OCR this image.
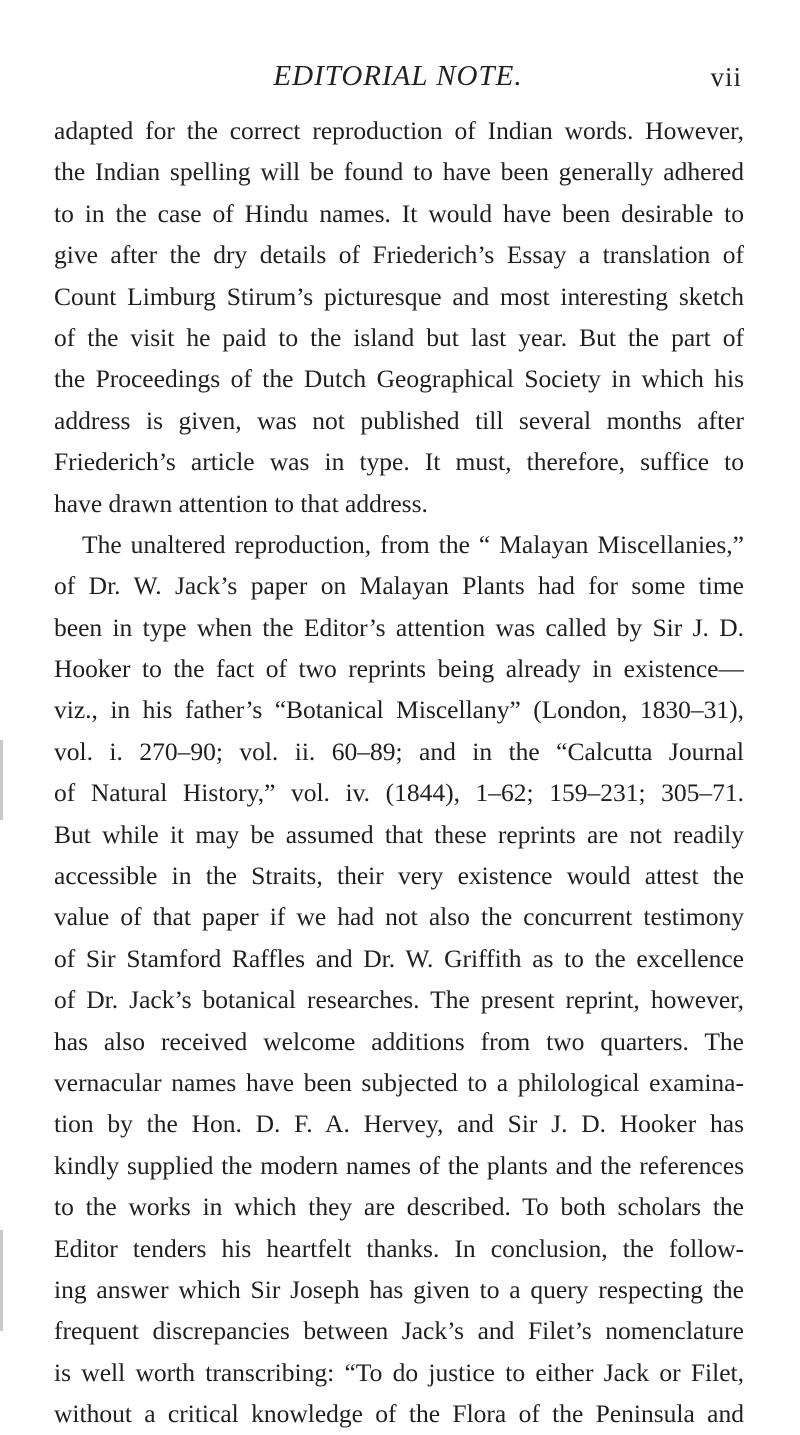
EDITORIAL NOTE.	vii
adapted for the correct reproduction of Indian words. However,
the Indian spelling will be found to have been generally adhered
to in the case of Hindu names. It would have been desirable to
give after the dry details of Friederich’s Essay a translation of
Count Limburg Stirum’s picturesque and most interesting sketch
of the visit he paid to the island but last year. But the part of
the Proceedings of the Dutch Geographical Society in which his
address is given, was not published till several months after
Friederich’s article was in type. It must, therefore, suffice to
have drawn attention to that address.
The unaltered reproduction, from the “ Malayan Miscellanies,”
of Dr. W. Jack’s paper on Malayan Plants had for some time
been in type when the Editor’s attention was called by Sir J. D.
Hooker to the fact of two reprints being already in existence—
viz., in his father’s “Botanical Miscellany” (London, 1830–31),
vol. i. 270–90; vol. ii. 60–89; and in the “Calcutta Journal
of Natural History,” vol. iv. (1844), 1–62; 159–231; 305–71.
But while it may be assumed that these reprints are not readily
accessible in the Straits, their very existence would attest the
value of that paper if we had not also the concurrent testimony
of Sir Stamford Raffles and Dr. W. Griffith as to the excellence
of Dr. Jack’s botanical researches. The present reprint, however,
has also received welcome additions from two quarters. The
vernacular names have been subjected to a philological examina-
tion by the Hon. D. F. A. Hervey, and Sir J. D. Hooker has
kindly supplied the modern names of the plants and the references
to the works in which they are described. To both scholars the
Editor tenders his heartfelt thanks. In conclusion, the follow-
ing answer which Sir Joseph has given to a query respecting the
frequent discrepancies between Jack’s and Filet’s nomenclature
is well worth transcribing: “To do justice to either Jack or Filet,
without a critical knowledge of the Flora of the Peninsula and
